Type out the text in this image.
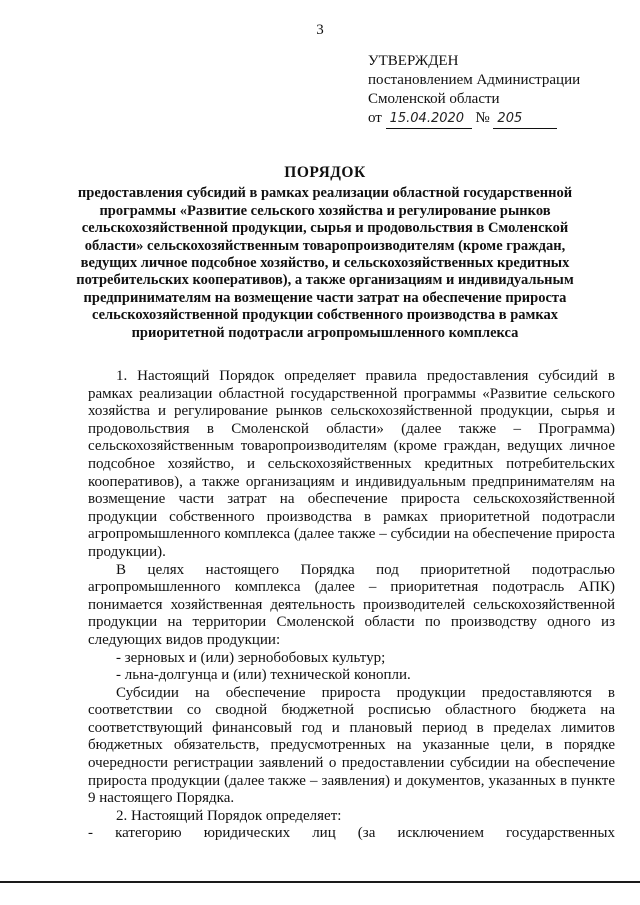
3
УТВЕРЖДЕН
постановлением Администрации
Смоленской области
от 15.04.2020 № 205
ПОРЯДОК
предоставления субсидий в рамках реализации областной государственной программы «Развитие сельского хозяйства и регулирование рынков сельскохозяйственной продукции, сырья и продовольствия в Смоленской области» сельскохозяйственным товаропроизводителям (кроме граждан, ведущих личное подсобное хозяйство, и сельскохозяйственных кредитных потребительских кооперативов), а также организациям и индивидуальным предпринимателям на возмещение части затрат на обеспечение прироста сельскохозяйственной продукции собственного производства в рамках приоритетной подотрасли агропромышленного комплекса

1. Настоящий Порядок определяет правила предоставления субсидий в рамках реализации областной государственной программы «Развитие сельского хозяйства и регулирование рынков сельскохозяйственной продукции, сырья и продовольствия в Смоленской области» (далее также – Программа) сельскохозяйственным товаропроизводителям (кроме граждан, ведущих личное подсобное хозяйство, и сельскохозяйственных кредитных потребительских кооперативов), а также организациям и индивидуальным предпринимателям на возмещение части затрат на обеспечение прироста сельскохозяйственной продукции собственного производства в рамках приоритетной подотрасли агропромышленного комплекса (далее также – субсидии на обеспечение прироста продукции).

В целях настоящего Порядка под приоритетной подотраслью агропромышленного комплекса (далее – приоритетная подотрасль АПК) понимается хозяйственная деятельность производителей сельскохозяйственной продукции на территории Смоленской области по производству одного из следующих видов продукции:

- зерновых и (или) зернобобовых культур;

- льна-долгунца и (или) технической конопли.

Субсидии на обеспечение прироста продукции предоставляются в соответствии со сводной бюджетной росписью областного бюджета на соответствующий финансовый год и плановый период в пределах лимитов бюджетных обязательств, предусмотренных на указанные цели, в порядке очередности регистрации заявлений о предоставлении субсидии на обеспечение прироста продукции (далее также – заявления) и документов, указанных в пункте 9 настоящего Порядка.

2. Настоящий Порядок определяет:

- категорию юридических лиц (за исключением государственных
